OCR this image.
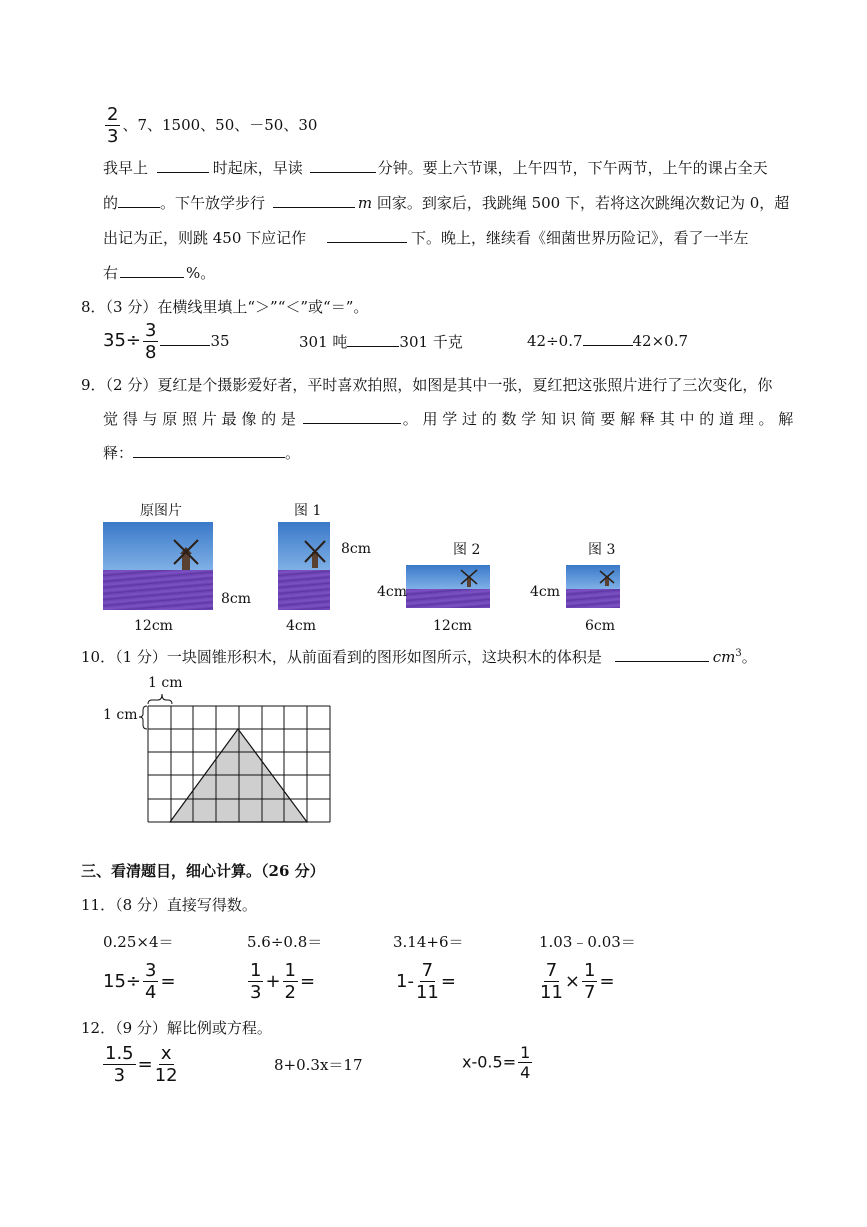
$\frac{2}{3}$ 、7、1500、50、－50、30
我早上	时起床，早读	分钟。要上六节课，上午四节，下午两节，上午的课占全天
的	。下午放学步行	m 回家。到家后，我跳绳 500 下，若将这次跳绳次数记为 0，超
出记为正，则跳 450 下应记作	下。晚上，继续看《细菌世界历险记》，看了一半左
右	%。
8．（3 分）在横线里填上“＞”“＜”或“＝”。
$35\div \frac{3}{8}$	35	301 吨	301 千克	42÷0.7	42×0.7
9．（2 分）夏红是个摄影爱好者，平时喜欢拍照，如图是其中一张，夏红把这张照片进行了三次变化，你
觉 得 与 原 照 片 最 像 的 是	。 用 学 过 的 数 学 知 识 简 要 解 释 其 中 的 道 理 。 解
释：	。
原图片
8cm
12cm
图 1
8cm
4cm
图 2
4cm
12cm
图 3
4cm
6cm
10．（1 分）一块圆锥形积木，从前面看到的图形如图所示，这块积木的体积是	$cm^3$。
1 cm
1 cm
三、看清题目，细心计算。（26 分）
11．（8 分）直接写得数。
0.25×4＝	5.6÷0.8＝	3.14+6＝	1.03﹣0.03＝
$15\div \frac{3}{4}$ =	$\frac{1}{3} + \frac{1}{2}$ =	$1- \frac{7}{11}$ =	$\frac{7}{11} \times \frac{1}{7}$ =
12．（9 分）解比例或方程。
$\frac{1.5}{3} = \frac{x}{12}$	8+0.3x＝17	$x-0.5= \frac{1}{4}$
